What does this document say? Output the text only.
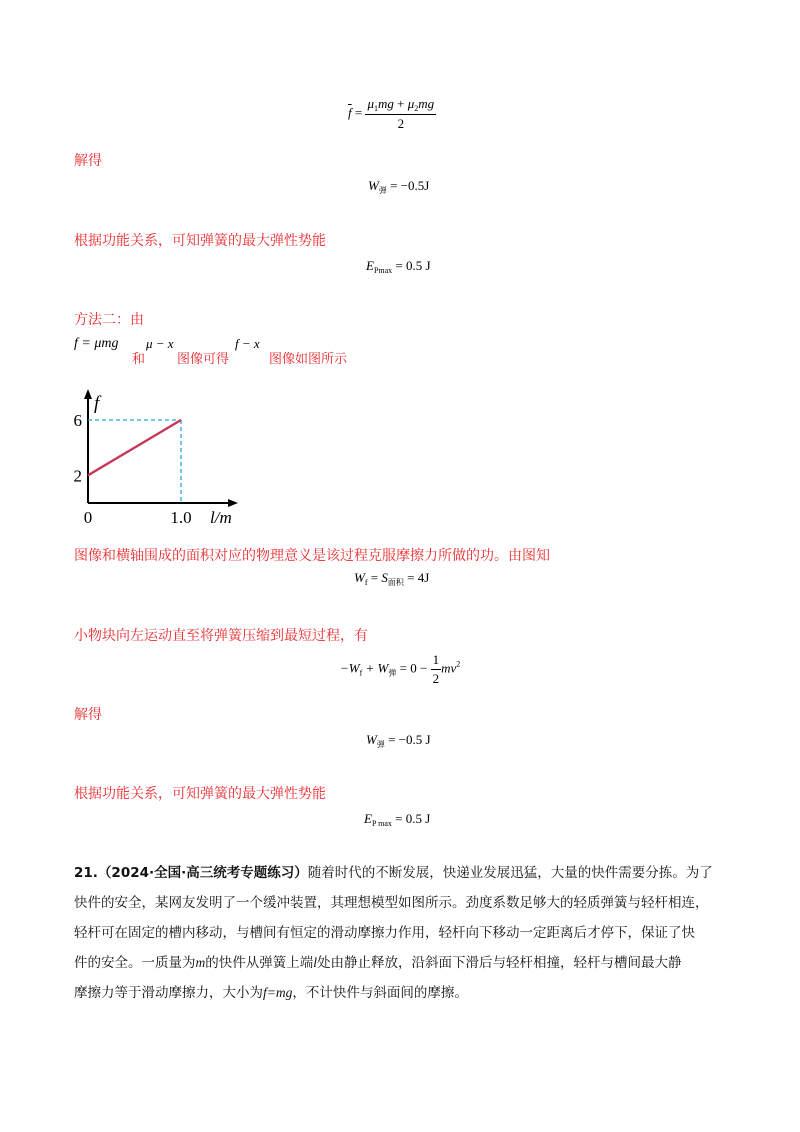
$\overline{f} = \frac{\mu_1mg + \mu_2mg}{2}$
解得
$W_弹 = -0.5J$
根据功能关系，可知弹簧的最大弹性势能
$E_{Pmax} = 0.5$ J
方法二：由
f = μmg
和
μ − x
图像可得
f − x
图像如图所示
2
6
0	1.0
f
l/m
图像和横轴围成的面积对应的物理意义是该过程克服摩擦力所做的功。由图知
$W_f = S_{面积} = 4J$
小物块向左运动直至将弹簧压缩到最短过程，有
$-W_f + W_弹 = 0 - \frac{1}{2} mv^2$
解得
$W_弹 = -0.5$ J
根据功能关系，可知弹簧的最大弹性势能
$E_{P max} = 0.5$ J
21.（2024·全国·高三统考专题练习）随着时代的不断发展，快递业发展迅猛，大量的快件需要分拣。为了
快件的安全，某网友发明了一个缓冲装置，其理想模型如图所示。劲度系数足够大的轻质弹簧与轻杆相连，
轻杆可在固定的槽内移动，与槽间有恒定的滑动摩擦力作用，轻杆向下移动一定距离后才停下，保证了快
件的安全。一质量为m的快件从弹簧上端l处由静止释放，沿斜面下滑后与轻杆相撞，轻杆与槽间最大静
摩擦力等于滑动摩擦力，大小为f=mg，不计快件与斜面间的摩擦。
